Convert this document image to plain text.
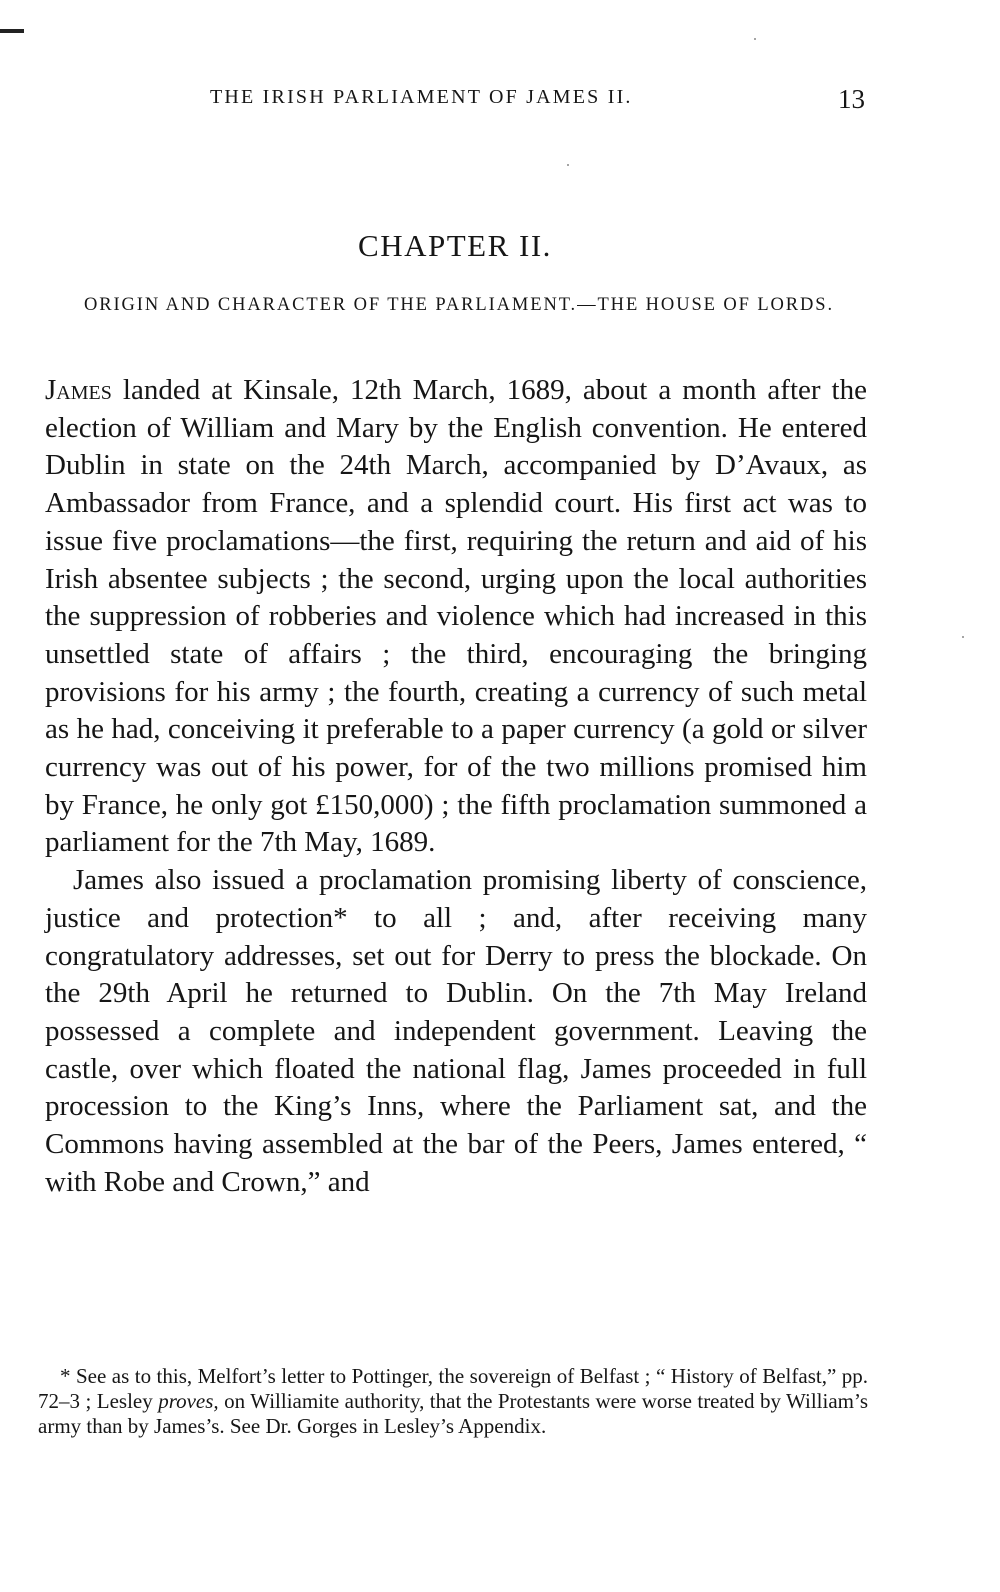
THE IRISH PARLIAMENT OF JAMES II.	13
CHAPTER II.
ORIGIN AND CHARACTER OF THE PARLIAMENT.—THE HOUSE OF LORDS.

James landed at Kinsale, 12th March, 1689, about a month after the election of William and Mary by the English convention. He entered Dublin in state on the 24th March, accompanied by D’Avaux, as Ambassador from France, and a splendid court. His first act was to issue five proclamations—the first, requiring the return and aid of his Irish absentee subjects ; the second, urging upon the local authorities the suppression of robberies and violence which had increased in this unsettled state of affairs ; the third, encouraging the bringing provisions for his army ; the fourth, creating a currency of such metal as he had, conceiving it preferable to a paper currency (a gold or silver currency was out of his power, for of the two millions promised him by France, he only got £150,000) ; the fifth proclamation summoned a parliament for the 7th May, 1689.

James also issued a proclamation promising liberty of conscience, justice and protection* to all ; and, after receiving many congratulatory addresses, set out for Derry to press the blockade. On the 29th April he returned to Dublin. On the 7th May Ireland possessed a complete and independent government. Leaving the castle, over which floated the national flag, James proceeded in full procession to the King’s Inns, where the Parliament sat, and the Commons having assembled at the bar of the Peers, James entered, “ with Robe and Crown,” and

* See as to this, Melfort’s letter to Pottinger, the sovereign of Belfast ; “ History of Belfast,” pp. 72–3 ; Lesley proves, on Williamite authority, that the Protestants were worse treated by William’s army than by James’s. See Dr. Gorges in Lesley’s Appendix.
